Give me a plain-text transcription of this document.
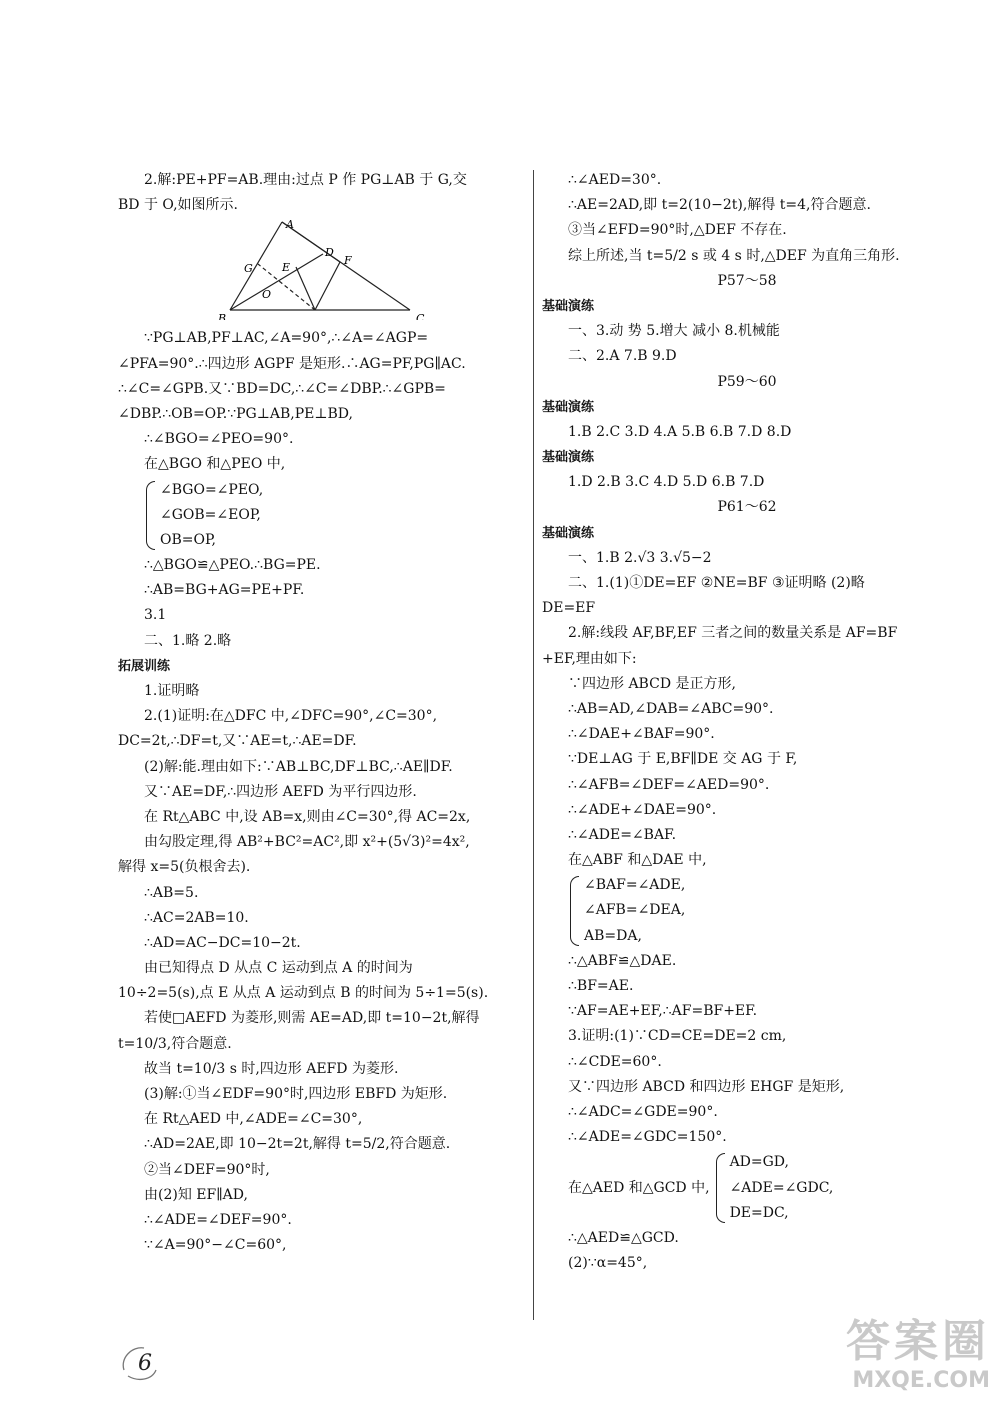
2.解:PE+PF=AB.理由:过点 P 作 PG⊥AB 于 G,交
BD 于 O,如图所示.
A
B	C
D
E
F
G
O
∵PG⊥AB,PF⊥AC,∠A=90°,∴∠A=∠AGP=
∠PFA=90°.∴四边形 AGPF 是矩形.∴AG=PF,PG∥AC.
∴∠C=∠GPB.又∵BD=DC,∴∠C=∠DBP.∴∠GPB=
∠DBP.∴OB=OP.∵PG⊥AB,PE⊥BD,
∴∠BGO=∠PEO=90°.
在△BGO 和△PEO 中,
∠BGO=∠PEO,
∠GOB=∠EOP,
OB=OP,
∴△BGO≌△PEO.∴BG=PE.
∴AB=BG+AG=PE+PF.
3.1
二、1.略 2.略
拓展训练
1.证明略
2.(1)证明:在△DFC 中,∠DFC=90°,∠C=30°,
DC=2t,∴DF=t,又∵AE=t,∴AE=DF.
(2)解:能.理由如下:∵AB⊥BC,DF⊥BC,∴AE∥DF.
又∵AE=DF,∴四边形 AEFD 为平行四边形.
在 Rt△ABC 中,设 AB=x,则由∠C=30°,得 AC=2x,
由勾股定理,得 AB²+BC²=AC²,即 x²+(5√3)²=4x²,
解得 x=5(负根舍去).
∴AB=5.
∴AC=2AB=10.
∴AD=AC−DC=10−2t.
由已知得点 D 从点 C 运动到点 A 的时间为
10÷2=5(s),点 E 从点 A 运动到点 B 的时间为 5÷1=5(s).
若使□AEFD 为菱形,则需 AE=AD,即 t=10−2t,解得
t=10/3,符合题意.
故当 t=10/3 s 时,四边形 AEFD 为菱形.
(3)解:①当∠EDF=90°时,四边形 EBFD 为矩形.
在 Rt△AED 中,∠ADE=∠C=30°,
∴AD=2AE,即 10−2t=2t,解得 t=5/2,符合题意.
②当∠DEF=90°时,
由(2)知 EF∥AD,
∴∠ADE=∠DEF=90°.
∵∠A=90°−∠C=60°,
∴∠AED=30°.
∴AE=2AD,即 t=2(10−2t),解得 t=4,符合题意.
③当∠EFD=90°时,△DEF 不存在.
综上所述,当 t=5/2 s 或 4 s 时,△DEF 为直角三角形.
P57～58
基础演练
一、3.动 势 5.增大 减小 8.机械能
二、2.A 7.B 9.D
P59～60
基础演练
1.B 2.C 3.D 4.A 5.B 6.B 7.D 8.D
基础演练
1.D 2.B 3.C 4.D 5.D 6.B 7.D
P61～62
基础演练
一、1.B 2.√3 3.√5−2
二、1.(1)①DE=EF ②NE=BF ③证明略 (2)略
DE=EF
2.解:线段 AF,BF,EF 三者之间的数量关系是 AF=BF
+EF,理由如下:
∵四边形 ABCD 是正方形,
∴AB=AD,∠DAB=∠ABC=90°.
∴∠DAE+∠BAF=90°.
∵DE⊥AG 于 E,BF∥DE 交 AG 于 F,
∴∠AFB=∠DEF=∠AED=90°.
∴∠ADE+∠DAE=90°.
∴∠ADE=∠BAF.
在△ABF 和△DAE 中,
∠BAF=∠ADE,
∠AFB=∠DEA,
AB=DA,
∴△ABF≌△DAE.
∴BF=AE.
∵AF=AE+EF,∴AF=BF+EF.
3.证明:(1)∵CD=CE=DE=2 cm,
∴∠CDE=60°.
又∵四边形 ABCD 和四边形 EHGF 是矩形,
∴∠ADC=∠GDE=90°.
∴∠ADE=∠GDC=150°.
在△AED 和△GCD 中,
AD=GD,
∠ADE=∠GDC,
DE=DC,
∴△AED≌△GCD.
(2)∵α=45°,
6	答案圈
MXQE.COM
